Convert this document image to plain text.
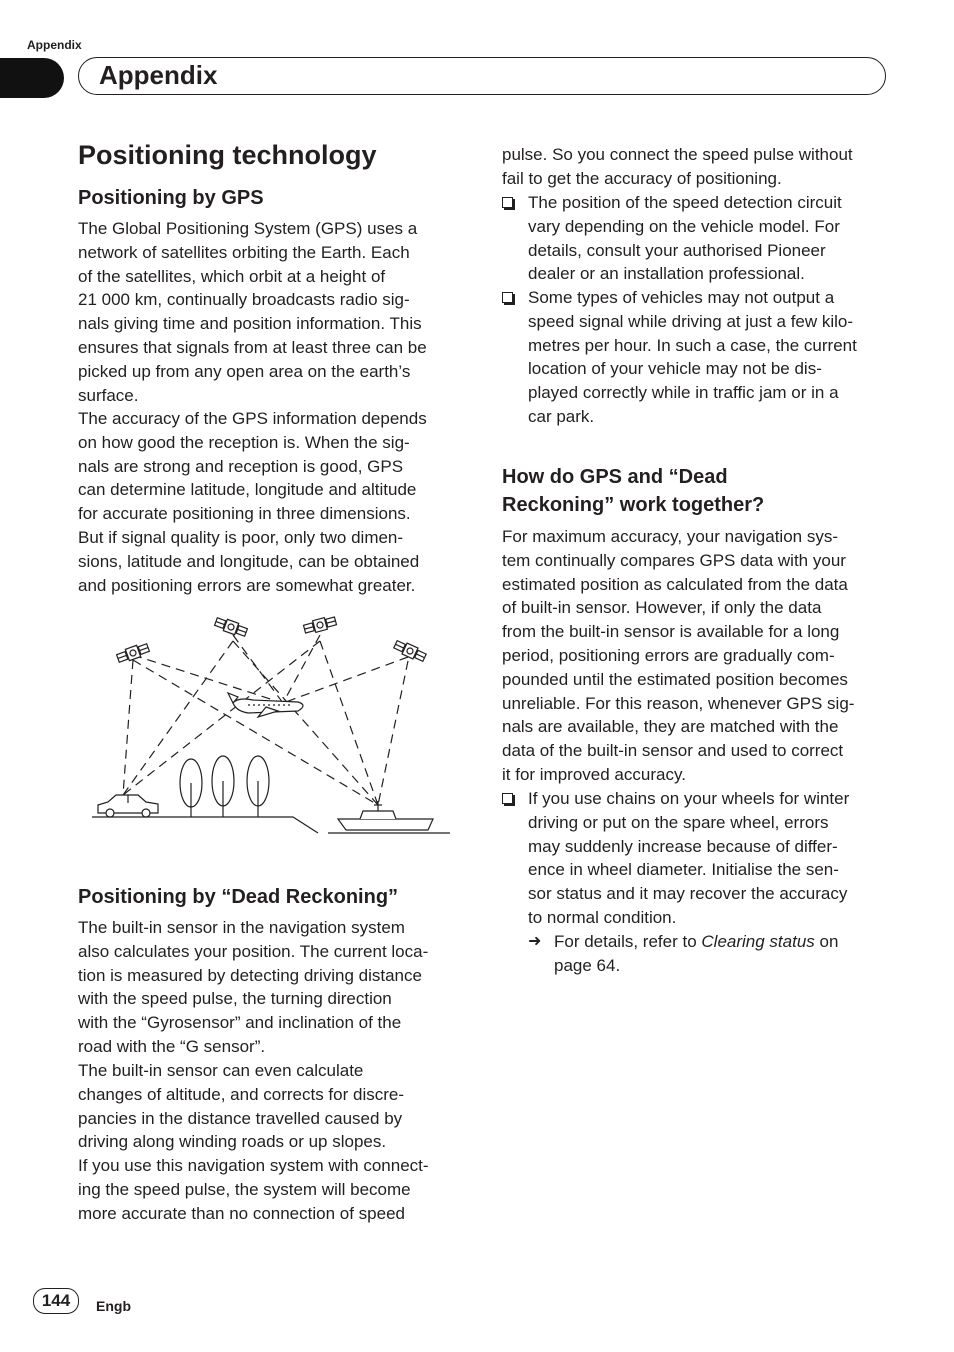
Appendix
Appendix
Positioning technology
Positioning by GPS

The Global Positioning System (GPS) uses a

network of satellites orbiting the Earth. Each

of the satellites, which orbit at a height of

21 000 km, continually broadcasts radio sig-

nals giving time and position information. This

ensures that signals from at least three can be

picked up from any open area on the earth’s

surface.

The accuracy of the GPS information depends

on how good the reception is. When the sig-

nals are strong and reception is good, GPS

can determine latitude, longitude and altitude

for accurate positioning in three dimensions.

But if signal quality is poor, only two dimen-

sions, latitude and longitude, can be obtained

and positioning errors are somewhat greater.

Positioning by “Dead Reckoning”

The built-in sensor in the navigation system

also calculates your position. The current loca-

tion is measured by detecting driving distance

with the speed pulse, the turning direction

with the “Gyrosensor” and inclination of the

road with the “G sensor”.

The built-in sensor can even calculate

changes of altitude, and corrects for discre-

pancies in the distance travelled caused by

driving along winding roads or up slopes.

If you use this navigation system with connect-

ing the speed pulse, the system will become

more accurate than no connection of speed

pulse. So you connect the speed pulse without

fail to get the accuracy of positioning.

The position of the speed detection circuit
vary depending on the vehicle model. For
details, consult your authorised Pioneer
dealer or an installation professional.
Some types of vehicles may not output a
speed signal while driving at just a few kilo-
metres per hour. In such a case, the current
location of your vehicle may not be dis-
played correctly while in traffic jam or in a
car park.
How do GPS and “Dead
Reckoning” work together?

For maximum accuracy, your navigation sys-

tem continually compares GPS data with your

estimated position as calculated from the data

of built-in sensor. However, if only the data

from the built-in sensor is available for a long

period, positioning errors are gradually com-

pounded until the estimated position becomes

unreliable. For this reason, whenever GPS sig-

nals are available, they are matched with the

data of the built-in sensor and used to correct

it for improved accuracy.

If you use chains on your wheels for winter
driving or put on the spare wheel, errors
may suddenly increase because of differ-
ence in wheel diameter. Initialise the sen-
sor status and it may recover the accuracy
to normal condition.
➜ For details, refer to Clearing status on
page 64.
144	Engb
